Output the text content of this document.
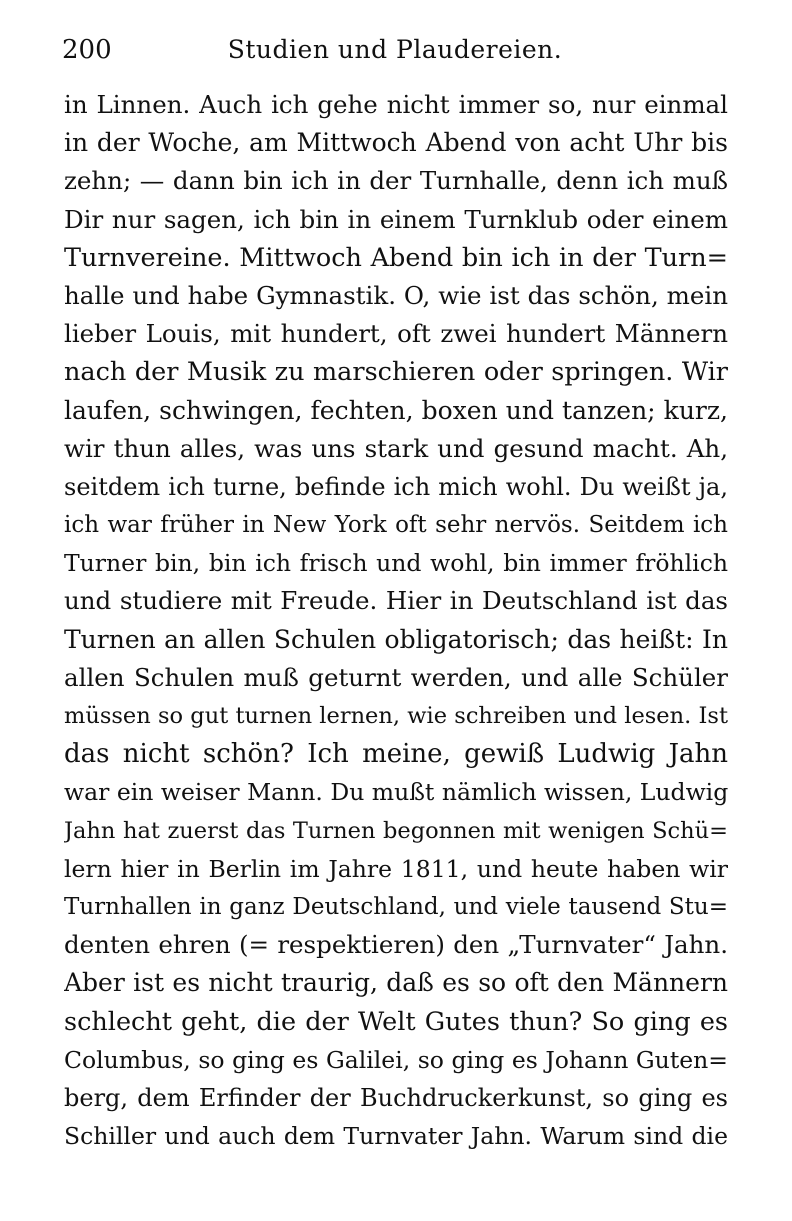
200	Studien und Plaudereien.
in Linnen. Auch ich gehe nicht immer so, nur einmal
in der Woche, am Mittwoch Abend von acht Uhr bis
zehn; — dann bin ich in der Turnhalle, denn ich muß
Dir nur sagen, ich bin in einem Turnklub oder einem
Turnvereine. Mittwoch Abend bin ich in der Turn=
halle und habe Gymnastik. O, wie ist das schön, mein
lieber Louis, mit hundert, oft zwei hundert Männern
nach der Musik zu marschieren oder springen. Wir
laufen, schwingen, fechten, boxen und tanzen; kurz,
wir thun alles, was uns stark und gesund macht. Ah,
seitdem ich turne, befinde ich mich wohl. Du weißt ja,
ich war früher in New York oft sehr nervös. Seitdem ich
Turner bin, bin ich frisch und wohl, bin immer fröhlich
und studiere mit Freude. Hier in Deutschland ist das
Turnen an allen Schulen obligatorisch; das heißt: In
allen Schulen muß geturnt werden, und alle Schüler
müssen so gut turnen lernen, wie schreiben und lesen. Ist
das nicht schön? Ich meine, gewiß Ludwig Jahn
war ein weiser Mann. Du mußt nämlich wissen, Ludwig
Jahn hat zuerst das Turnen begonnen mit wenigen Schü=
lern hier in Berlin im Jahre 1811, und heute haben wir
Turnhallen in ganz Deutschland, und viele tausend Stu=
denten ehren (= respektieren) den „Turnvater“ Jahn.
Aber ist es nicht traurig, daß es so oft den Männern
schlecht geht, die der Welt Gutes thun? So ging es
Columbus, so ging es Galilei, so ging es Johann Guten=
berg, dem Erfinder der Buchdruckerkunst, so ging es
Schiller und auch dem Turnvater Jahn. Warum sind die
